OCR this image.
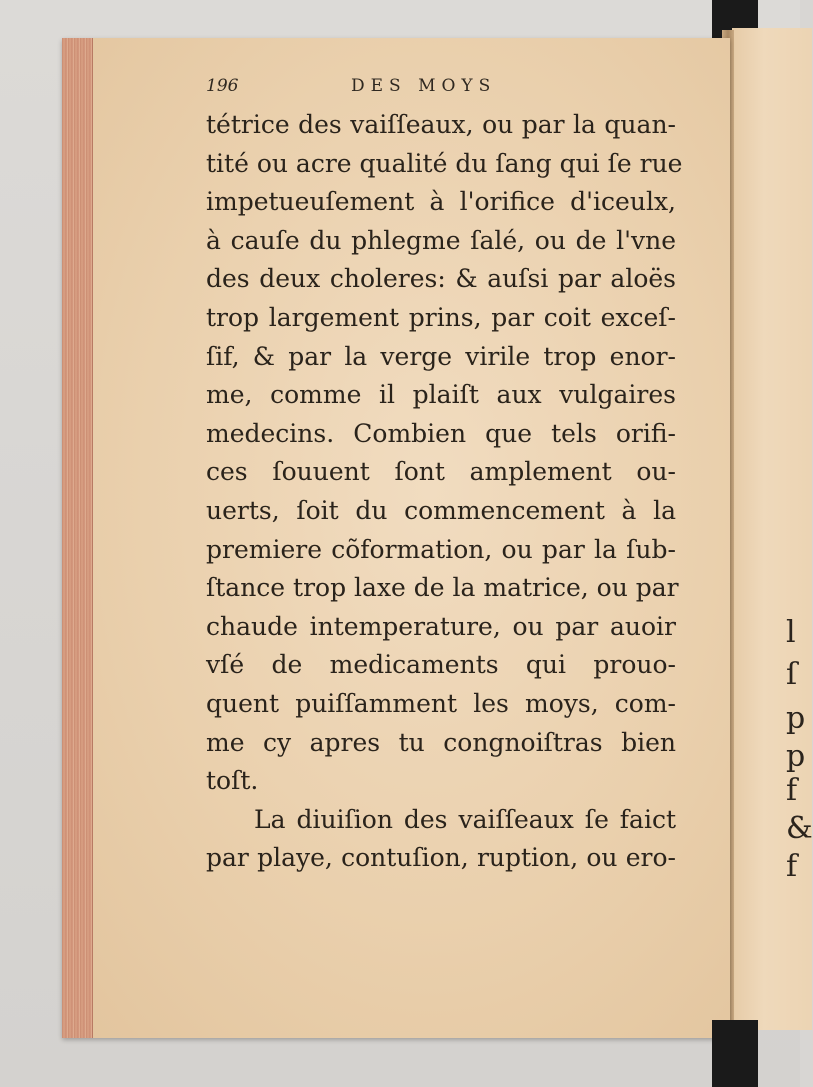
l
ſ
p
p
f
&
f
196	DES MOYS
tétrice des vaiſſeaux, ou par la quan-
tité ou acre qualité du ſang qui ſe rue
impetueuſement à l'orifice d'iceulx,
à cauſe du phlegme ſalé, ou de l'vne
des deux choleres: & auſsi par aloës
trop largement prins, par coit exceſ-
ſif, & par la verge virile trop enor-
me, comme il plaiſt aux vulgaires
medecins. Combien que tels orifi-
ces ſouuent ſont amplement ou-
uerts, ſoit du commencement à la
premiere cõformation, ou par la ſub-
ſtance trop laxe de la matrice, ou par
chaude intemperature, ou par auoir
vſé de medicaments qui prouo-
quent puiſſamment les moys, com-
me cy apres tu congnoiſtras bien
toſt.
La diuiſion des vaiſſeaux ſe faict
par playe, contuſion, ruption, ou ero-
